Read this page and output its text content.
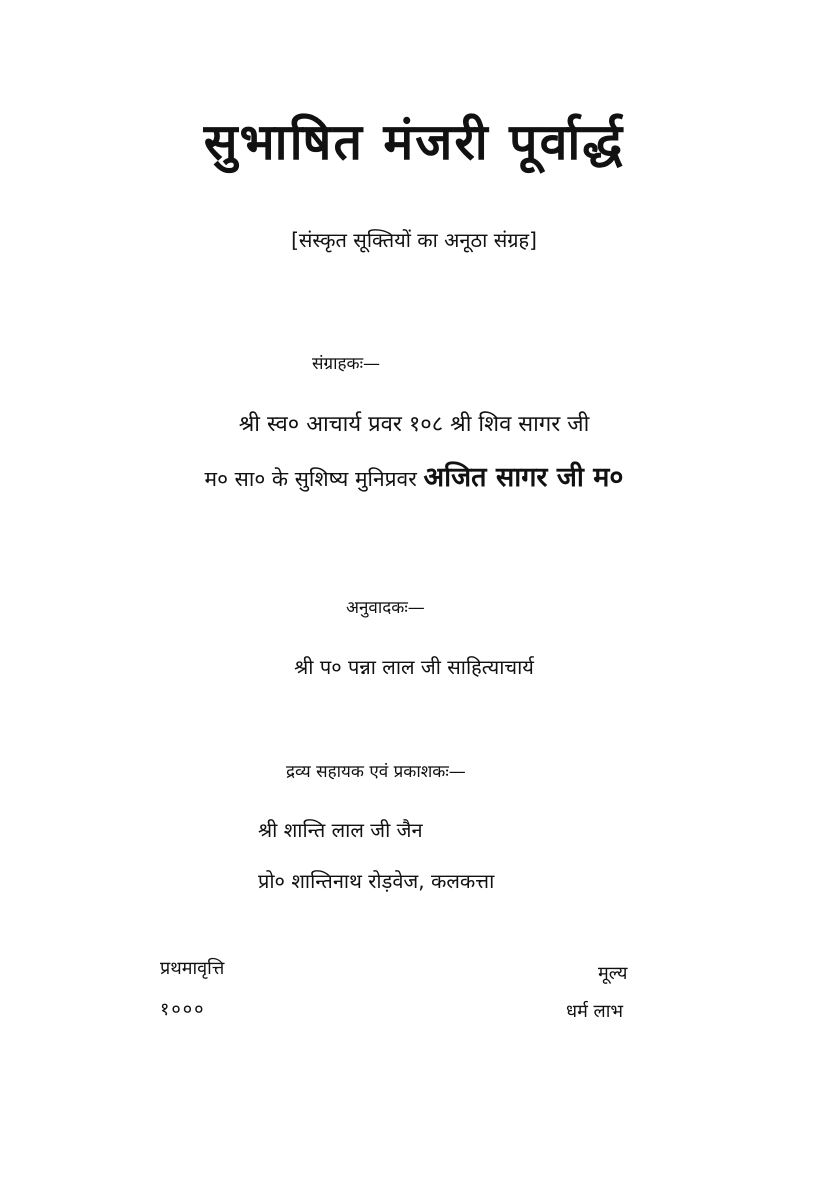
सुभाषित मंजरी पूर्वार्द्ध
[संस्कृत सूक्तियों का अनूठा संग्रह]
संग्राहकः—
श्री स्व० आचार्य प्रवर १०८ श्री शिव सागर जी
म० सा० के सुशिष्य मुनिप्रवर अजित सागर जी म०
अनुवादकः—
श्री प० पन्ना लाल जी साहित्याचार्य
द्रव्य सहायक एवं प्रकाशकः—
श्री शान्ति लाल जी जैन
प्रो० शान्तिनाथ रोड़वेज, कलकत्ता
प्रथमावृत्ति
१०००
मूल्य
धर्म लाभ
